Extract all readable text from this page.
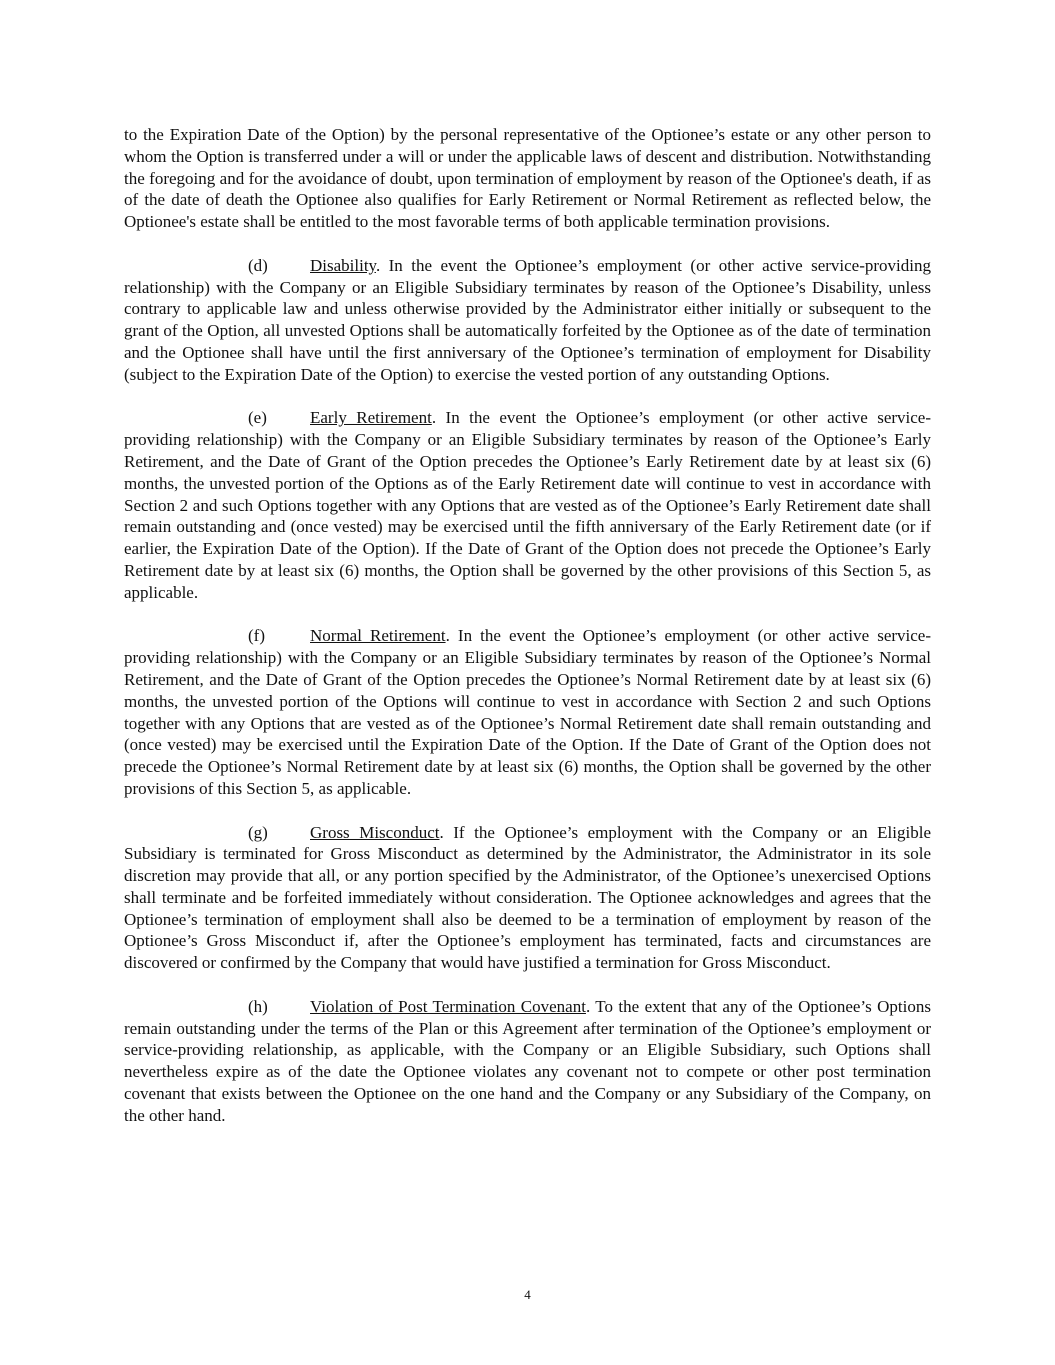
to the Expiration Date of the Option) by the personal representative of the Optionee’s estate or any other person to whom the Option is transferred under a will or under the applicable laws of descent and distribution. Notwithstanding the foregoing and for the avoidance of doubt, upon termination of employment by reason of the Optionee's death, if as of the date of death the Optionee also qualifies for Early Retirement or Normal Retirement as reflected below, the Optionee's estate shall be entitled to the most favorable terms of both applicable termination provisions.

(d) Disability. In the event the Optionee’s employment (or other active service-providing relationship) with the Company or an Eligible Subsidiary terminates by reason of the Optionee’s Disability, unless contrary to applicable law and unless otherwise provided by the Administrator either initially or subsequent to the grant of the Option, all unvested Options shall be automatically forfeited by the Optionee as of the date of termination and the Optionee shall have until the first anniversary of the Optionee’s termination of employment for Disability (subject to the Expiration Date of the Option) to exercise the vested portion of any outstanding Options.

(e)	Early Retirement. In the event the Optionee’s employment (or other active service-providing relationship) with the Company or an Eligible Subsidiary terminates by reason of the Optionee’s Early Retirement, and the Date of Grant of the Option precedes the Optionee’s Early Retirement date by at least six (6) months, the unvested portion of the Options as of the Early Retirement date will continue to vest in accordance with Section 2 and such Options together with any Options that are vested as of the Optionee’s Early Retirement date shall remain outstanding and (once vested) may be exercised until the fifth anniversary of the Early Retirement date (or if earlier, the Expiration Date of the Option). If the Date of Grant of the Option does not precede the Optionee’s Early Retirement date by at least six (6) months, the Option shall be governed by the other provisions of this Section 5, as applicable.

(f)	Normal Retirement. In the event the Optionee’s employment (or other active service-providing relationship) with the Company or an Eligible Subsidiary terminates by reason of the Optionee’s Normal Retirement, and the Date of Grant of the Option precedes the Optionee’s Normal Retirement date by at least six (6) months, the unvested portion of the Options will continue to vest in accordance with Section 2 and such Options together with any Options that are vested as of the Optionee’s Normal Retirement date shall remain outstanding and (once vested) may be exercised until the Expiration Date of the Option. If the Date of Grant of the Option does not precede the Optionee’s Normal Retirement date by at least six (6) months, the Option shall be governed by the other provisions of this Section 5, as applicable.

(g) Gross Misconduct. If the Optionee’s employment with the Company or an Eligible Subsidiary is terminated for Gross Misconduct as determined by the Administrator, the Administrator in its sole discretion may provide that all, or any portion specified by the Administrator, of the Optionee’s unexercised Options shall terminate and be forfeited immediately without consideration. The Optionee acknowledges and agrees that the Optionee’s termination of employment shall also be deemed to be a termination of employment by reason of the Optionee’s Gross Misconduct if, after the Optionee’s employment has terminated, facts and circumstances are discovered or confirmed by the Company that would have justified a termination for Gross Misconduct.

(h) Violation of Post Termination Covenant. To the extent that any of the Optionee’s Options remain outstanding under the terms of the Plan or this Agreement after termination of the Optionee’s employment or service-providing relationship, as applicable, with the Company or an Eligible Subsidiary, such Options shall nevertheless expire as of the date the Optionee violates any covenant not to compete or other post termination covenant that exists between the Optionee on the one hand and the Company or any Subsidiary of the Company, on the other hand.

4
